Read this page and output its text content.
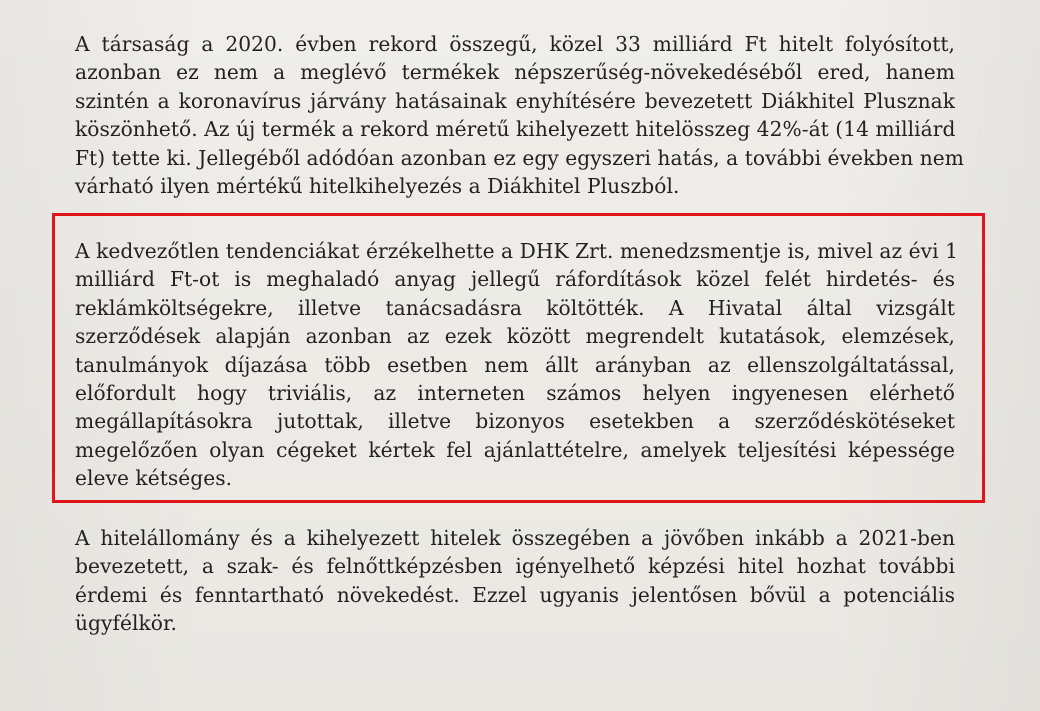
A társaság a 2020. évben rekord összegű, közel 33 milliárd Ft hitelt folyósított,
azonban ez nem a meglévő termékek népszerűség-növekedéséből ered, hanem
szintén a koronavírus járvány hatásainak enyhítésére bevezetett Diákhitel Plusznak
köszönhető. Az új termék a rekord méretű kihelyezett hitelösszeg 42%-át (14 milliárd
Ft) tette ki. Jellegéből adódóan azonban ez egy egyszeri hatás, a további években nem
várható ilyen mértékű hitelkihelyezés a Diákhitel Pluszból.
A kedvezőtlen tendenciákat érzékelhette a DHK Zrt. menedzsmentje is, mivel az évi 1
milliárd Ft-ot is meghaladó anyag jellegű ráfordítások közel felét hirdetés- és
reklámköltségekre, illetve tanácsadásra költötték. A Hivatal által vizsgált
szerződések alapján azonban az ezek között megrendelt kutatások, elemzések,
tanulmányok díjazása több esetben nem állt arányban az ellenszolgáltatással,
előfordult hogy triviális, az interneten számos helyen ingyenesen elérhető
megállapításokra jutottak, illetve bizonyos esetekben a szerződéskötéseket
megelőzően olyan cégeket kértek fel ajánlattételre, amelyek teljesítési képessége
eleve kétséges.
A hitelállomány és a kihelyezett hitelek összegében a jövőben inkább a 2021-ben
bevezetett, a szak- és felnőttképzésben igényelhető képzési hitel hozhat további
érdemi és fenntartható növekedést. Ezzel ugyanis jelentősen bővül a potenciális
ügyfélkör.
